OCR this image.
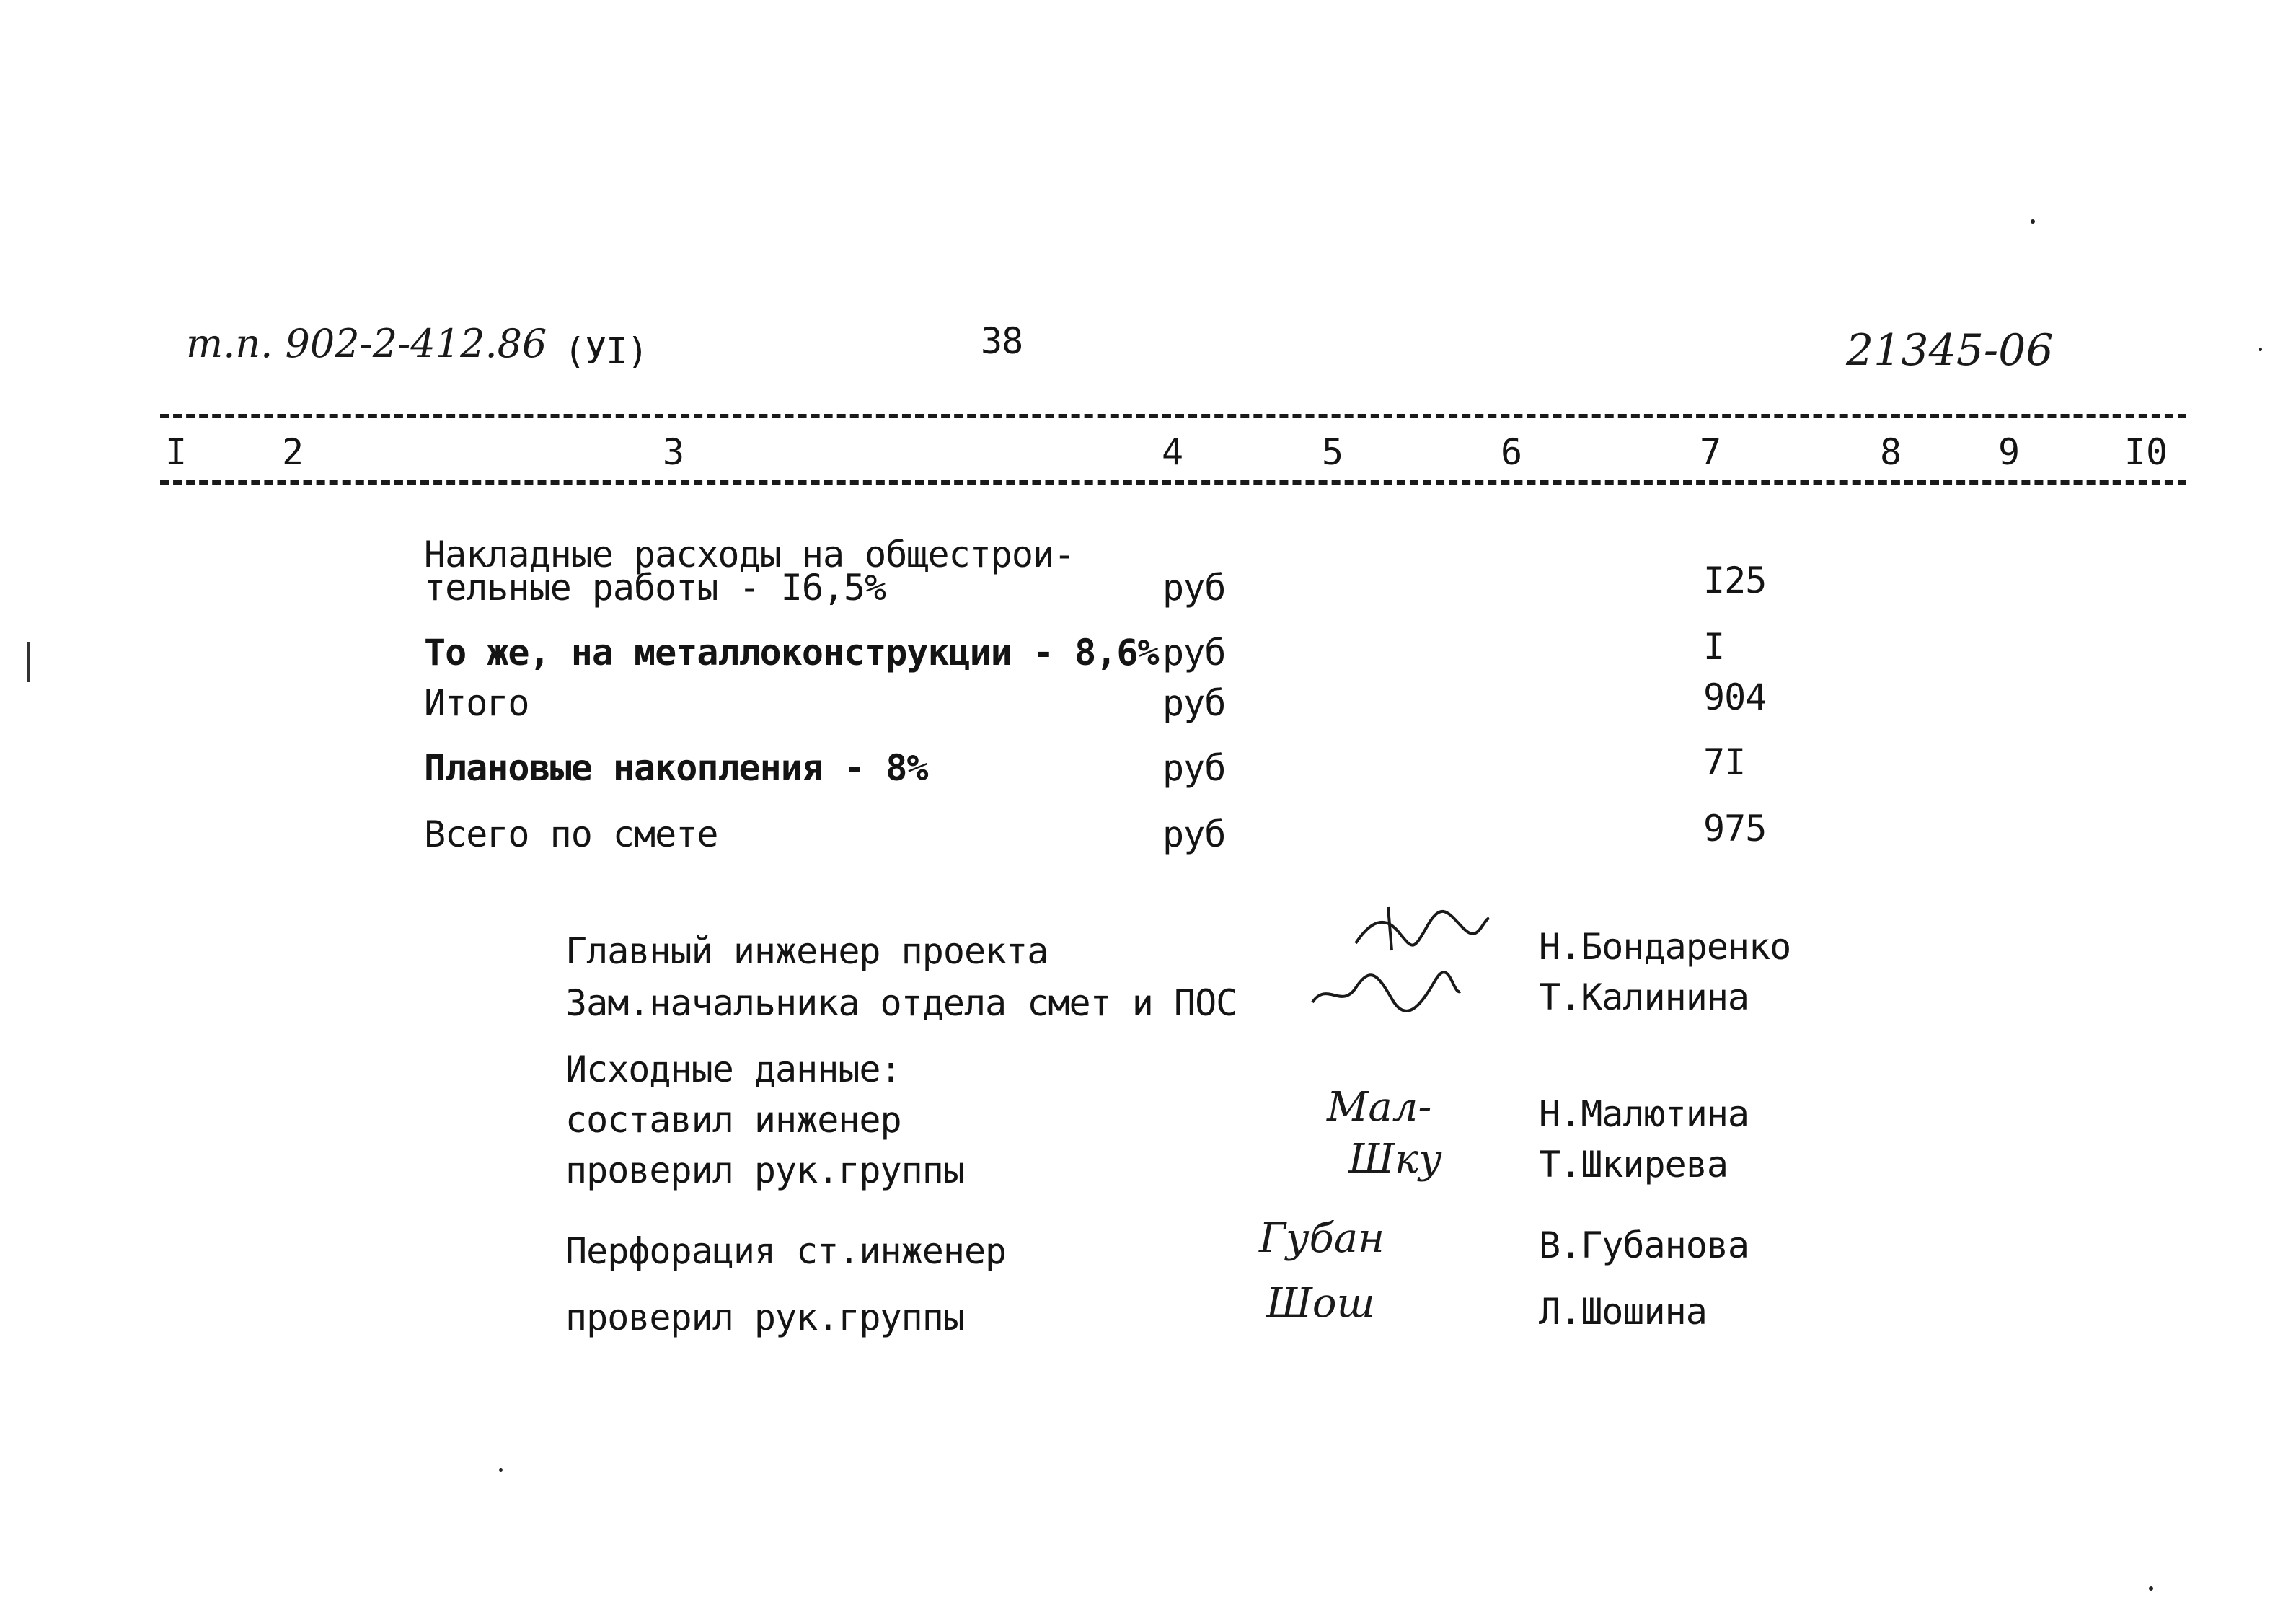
т.п. 902-2-412.86 (УI)	38	21345-06
I	2	3	4	5	6	7	8	9	I0
Накладные расходы на общестрои-
тельные работы - I6,5%	руб	I25
То же, на металлоконструкции - 8,6% руб	I
Итого	руб	904
Плановые накопления - 8%	руб	7I
Всего по смете	руб	975
Главный инженер проекта	Н.Бондаренко
Зам.начальника отдела смет и ПОС	Т.Калинина
Исходные данные:
составил инженер	Мал-	Н.Малютина
проверил рук.группы	Шку	Т.Шкирева
Перфорация ст.инженер	Губан	В.Губанова
проверил рук.группы	Шош	Л.Шошина
